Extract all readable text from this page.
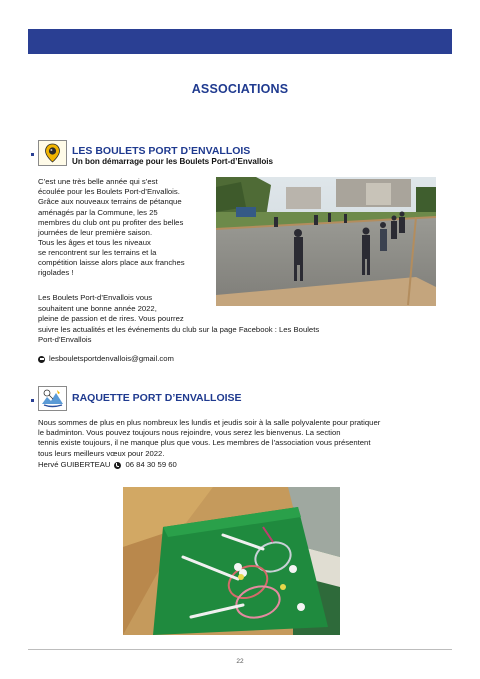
ASSOCIATIONS
LES BOULETS PORT D’ENVALLOIS
Un bon démarrage pour les Boulets Port-d’Envallois
C’est une très belle année qui s’est
écoulée pour les Boulets Port-d’Envallois.
Grâce aux nouveaux terrains de pétanque
aménagés par la Commune, les 25
membres du club ont pu profiter des belles
journées de leur première saison.
Tous les âges et tous les niveaux
se rencontrent sur les terrains et la
compétition laisse alors place aux franches
rigolades !
Les Boulets Port-d’Envallois vous
souhaitent une bonne année 2022,
pleine de passion et de rires. Vous pourrez
suivre les actualités et les événements du club sur la page Facebook : Les Boulets
Port-d’Envallois
lesbouletsportdenvallois@gmail.com
RAQUETTE PORT D’ENVALLOISE
Nous sommes de plus en plus nombreux les lundis et jeudis soir à la salle polyvalente pour pratiquer
le badminton. Vous pouvez toujours nous rejoindre, vous serez les bienvenus. La section
tennis existe toujours, il ne manque plus que vous. Les membres de l’association vous présentent
tous leurs meilleurs vœux pour 2022.
Hervé GUIBERTEAU 06 84 30 59 60
22
